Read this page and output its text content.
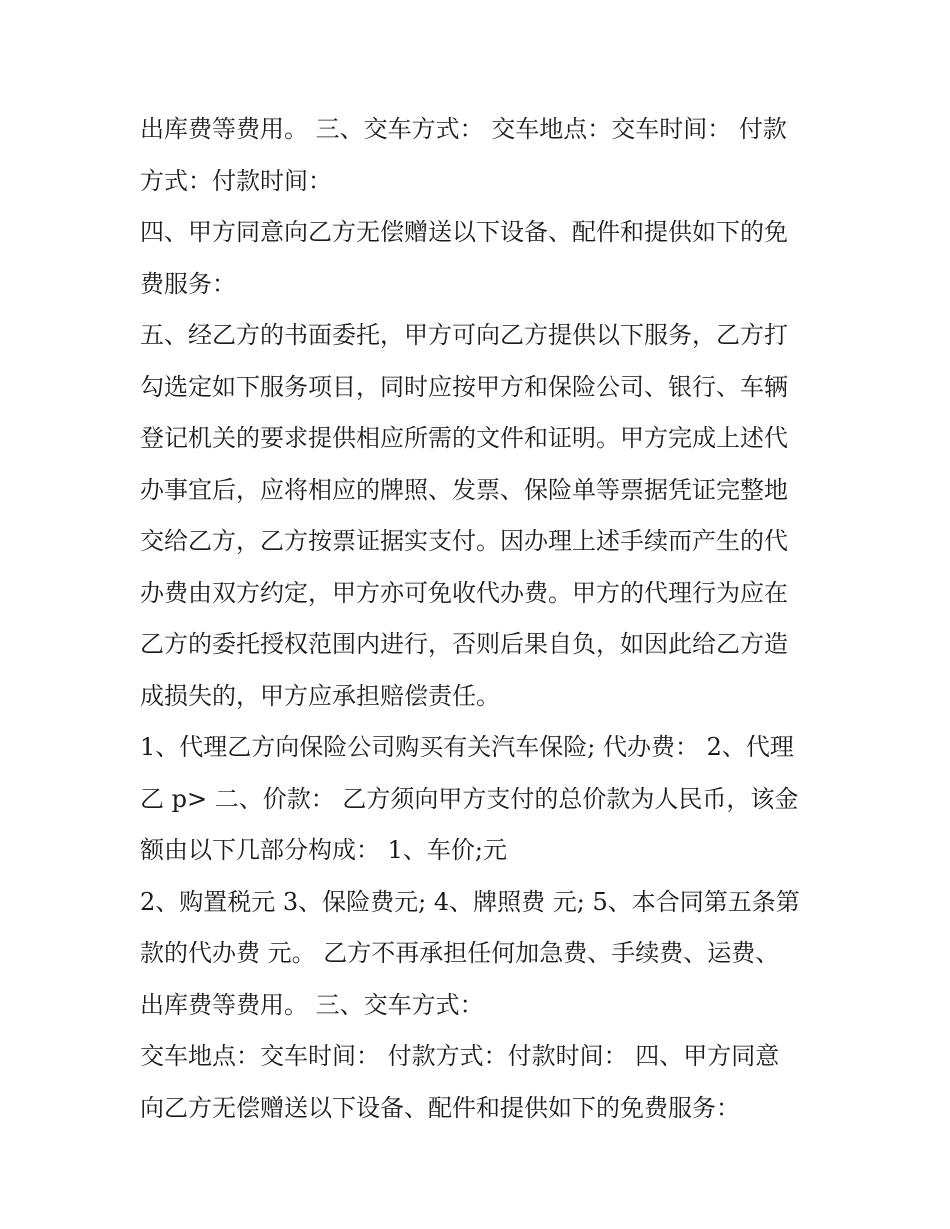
出库费等费用。 三、交车方式： 交车地点：交车时间： 付款
方式：付款时间：

四、甲方同意向乙方无偿赠送以下设备、配件和提供如下的免
费服务：

五、经乙方的书面委托，甲方可向乙方提供以下服务，乙方打
勾选定如下服务项目，同时应按甲方和保险公司、银行、车辆
登记机关的要求提供相应所需的文件和证明。甲方完成上述代
办事宜后，应将相应的牌照、发票、保险单等票据凭证完整地
交给乙方，乙方按票证据实支付。因办理上述手续而产生的代
办费由双方约定，甲方亦可免收代办费。甲方的代理行为应在
乙方的委托授权范围内进行，否则后果自负，如因此给乙方造
成损失的，甲方应承担赔偿责任。

1、代理乙方向保险公司购买有关汽车保险; 代办费： 2、代理
乙 p> 二、价款： 乙方须向甲方支付的总价款为人民币，该金
额由以下几部分构成： 1、车价;元

2、购置税元 3、保险费元; 4、牌照费 元; 5、本合同第五条第
款的代办费 元。 乙方不再承担任何加急费、手续费、运费、
出库费等费用。 三、交车方式：

交车地点：交车时间： 付款方式：付款时间： 四、甲方同意
向乙方无偿赠送以下设备、配件和提供如下的免费服务：
